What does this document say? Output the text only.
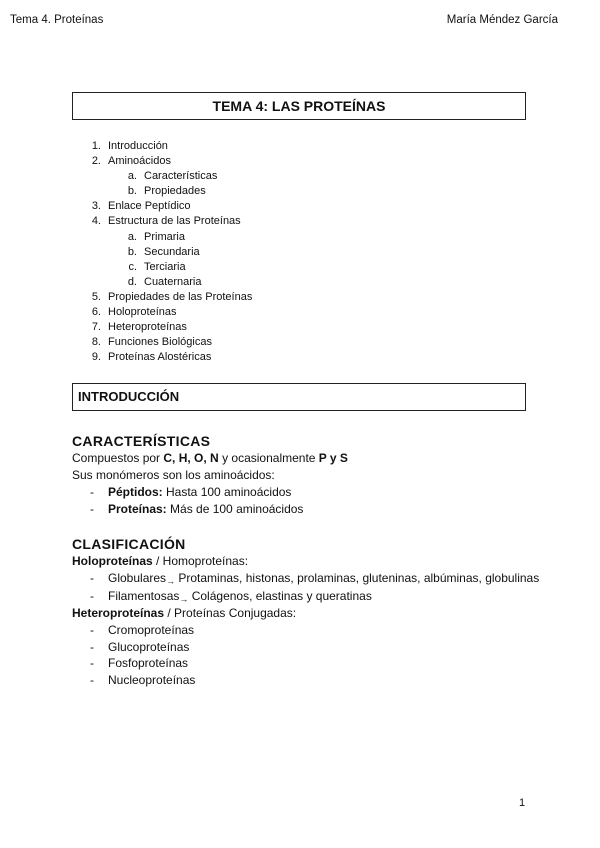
Tema 4. Proteínas	María Méndez García
TEMA 4: LAS PROTEÍNAS
1. Introducción
2. Aminoácidos
a. Características
b. Propiedades
3. Enlace Peptídico
4. Estructura de las Proteínas
a. Primaria
b. Secundaria
c. Terciaria
d. Cuaternaria
5. Propiedades de las Proteínas
6. Holoproteínas
7. Heteroproteínas
8. Funciones Biológicas
9. Proteínas Alostéricas
INTRODUCCIÓN

CARACTERÍSTICAS

Compuestos por C, H, O, N y ocasionalmente P y S

Sus monómeros son los aminoácidos:

- Péptidos: Hasta 100 aminoácidos
- Proteínas: Más de 100 aminoácidos

CLASIFICACIÓN

Holoproteínas / Homoproteínas:

- Globulares→ Protaminas, histonas, prolaminas, gluteninas, albúminas, globulinas
- Filamentosas→ Colágenos, elastinas y queratinas

Heteroproteínas / Proteínas Conjugadas:

- Cromoproteínas
- Glucoproteínas
- Fosfoproteínas
- Nucleoproteínas
1
